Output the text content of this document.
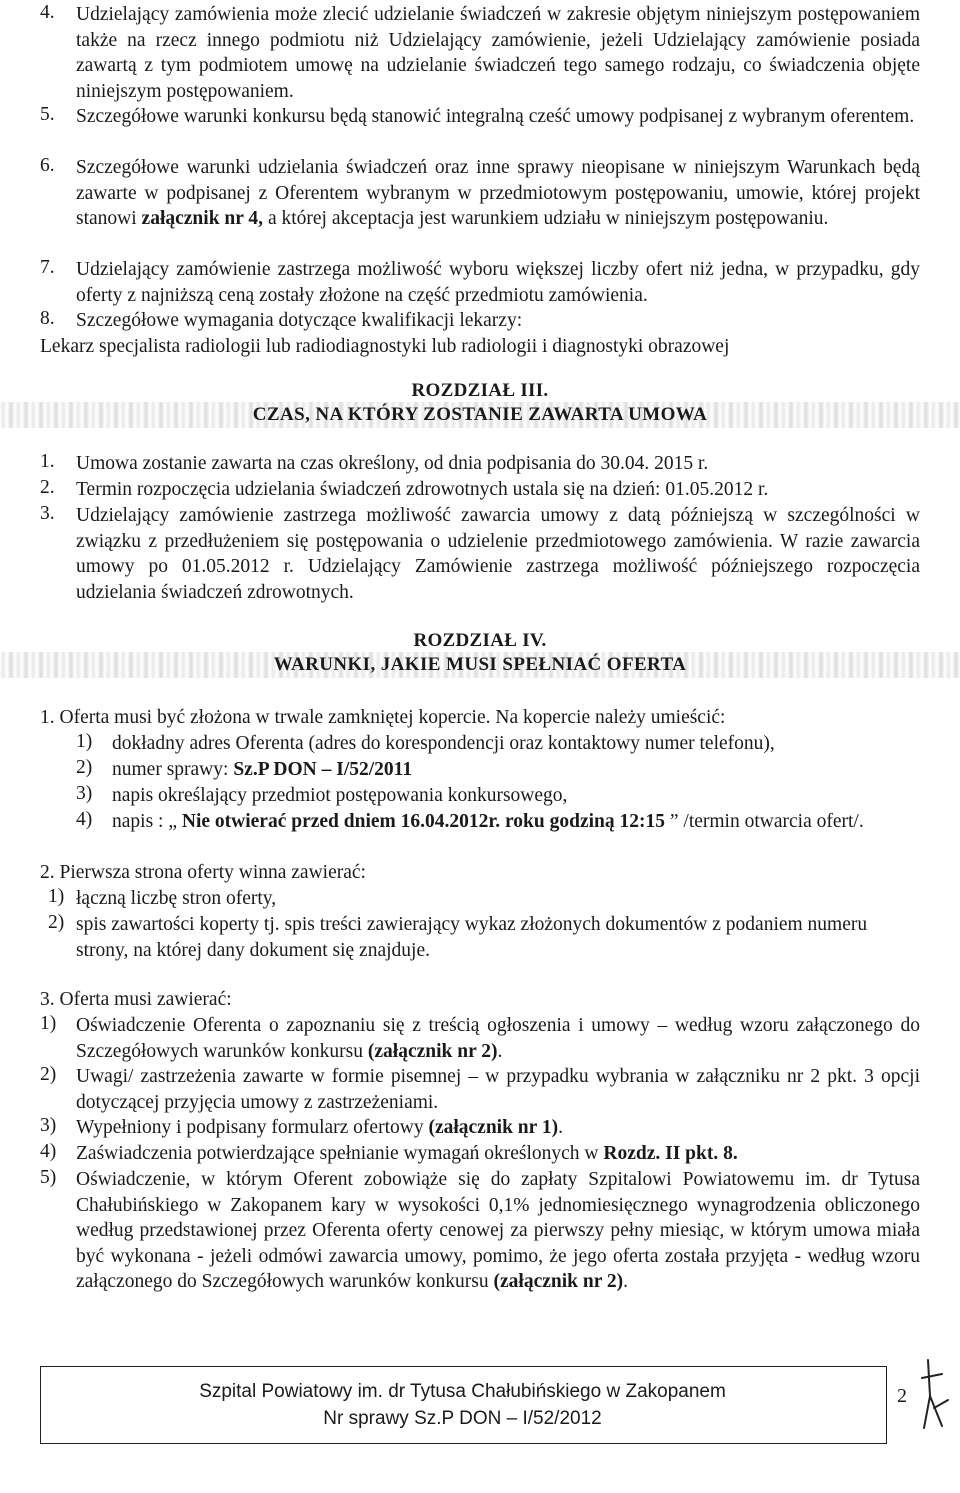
4. Udzielający zamówienia może zlecić udzielanie świadczeń w zakresie objętym niniejszym postępowaniem także na rzecz innego podmiotu niż Udzielający zamówienie, jeżeli Udzielający zamówienie posiada zawartą z tym podmiotem umowę na udzielanie świadczeń tego samego rodzaju, co świadczenia objęte niniejszym postępowaniem.
5. Szczegółowe warunki konkursu będą stanowić integralną cześć umowy podpisanej z wybranym oferentem.
6. Szczegółowe warunki udzielania świadczeń oraz inne sprawy nieopisane w niniejszym Warunkach będą zawarte w podpisanej z Oferentem wybranym w przedmiotowym postępowaniu, umowie, której projekt stanowi załącznik nr 4, a której akceptacja jest warunkiem udziału w niniejszym postępowaniu.
7. Udzielający zamówienie zastrzega możliwość wyboru większej liczby ofert niż jedna, w przypadku, gdy oferty z najniższą ceną zostały złożone na część przedmiotu zamówienia.
8. Szczegółowe wymagania dotyczące kwalifikacji lekarzy:
Lekarz specjalista radiologii lub radiodiagnostyki lub radiologii i diagnostyki obrazowej
ROZDZIAŁ III.
CZAS, NA KTÓRY ZOSTANIE ZAWARTA UMOWA
1. Umowa zostanie zawarta na czas określony, od dnia podpisania do 30.04. 2015 r.
2. Termin rozpoczęcia udzielania świadczeń zdrowotnych ustala się na dzień: 01.05.2012 r.
3. Udzielający zamówienie zastrzega możliwość zawarcia umowy z datą późniejszą w szczególności w związku z przedłużeniem się postępowania o udzielenie przedmiotowego zamówienia. W razie zawarcia umowy po 01.05.2012 r. Udzielający Zamówienie zastrzega możliwość późniejszego rozpoczęcia udzielania świadczeń zdrowotnych.
ROZDZIAŁ IV.
WARUNKI, JAKIE MUSI SPEŁNIAĆ OFERTA
1. Oferta musi być złożona w trwale zamkniętej kopercie. Na kopercie należy umieścić:
1) dokładny adres Oferenta (adres do korespondencji oraz kontaktowy numer telefonu),
2) numer sprawy: Sz.P DON – I/52/2011
3) napis określający przedmiot postępowania konkursowego,
4) napis : „ Nie otwierać przed dniem 16.04.2012r. roku godziną 12:15 ” /termin otwarcia ofert/.
2. Pierwsza strona oferty winna zawierać:
1) łączną liczbę stron oferty,
2) spis zawartości koperty tj. spis treści zawierający wykaz złożonych dokumentów z podaniem numeru strony, na której dany dokument się znajduje.
3. Oferta musi zawierać:
1) Oświadczenie Oferenta o zapoznaniu się z treścią ogłoszenia i umowy – według wzoru załączonego do Szczegółowych warunków konkursu (załącznik nr 2).
2) Uwagi/ zastrzeżenia zawarte w formie pisemnej – w przypadku wybrania w załączniku nr 2 pkt. 3 opcji dotyczącej przyjęcia umowy z zastrzeżeniami.
3) Wypełniony i podpisany formularz ofertowy (załącznik nr 1).
4) Zaświadczenia potwierdzające spełnianie wymagań określonych w Rozdz. II pkt. 8.
5) Oświadczenie, w którym Oferent zobowiąże się do zapłaty Szpitalowi Powiatowemu im. dr Tytusa Chałubińskiego w Zakopanem kary w wysokości 0,1% jednomiesięcznego wynagrodzenia obliczonego według przedstawionej przez Oferenta oferty cenowej za pierwszy pełny miesiąc, w którym umowa miała być wykonana - jeżeli odmówi zawarcia umowy, pomimo, że jego oferta została przyjęta - według wzoru załączonego do Szczegółowych warunków konkursu (załącznik nr 2).
Szpital Powiatowy im. dr Tytusa Chałubińskiego w Zakopanem
Nr sprawy Sz.P DON – I/52/2012
2
